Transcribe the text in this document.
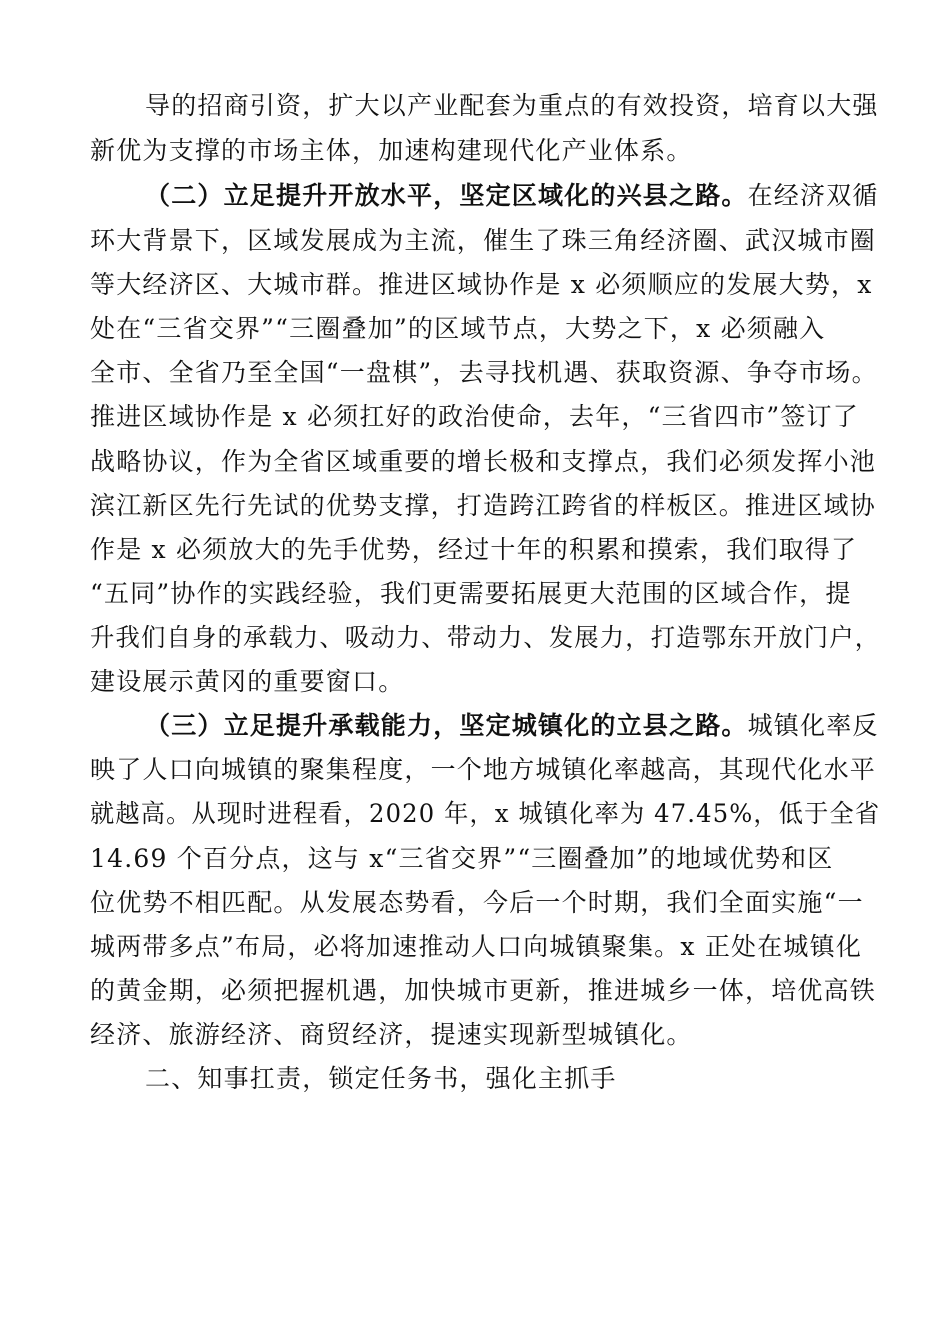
导的招商引资，扩大以产业配套为重点的有效投资，培育以大强
新优为支撑的市场主体，加速构建现代化产业体系。
（二）立足提升开放水平，坚定区域化的兴县之路。在经济双循
环大背景下，区域发展成为主流，催生了珠三角经济圈、武汉城市圈
等大经济区、大城市群。推进区域协作是 x 必须顺应的发展大势，x
处在“三省交界”“三圈叠加”的区域节点，大势之下，x 必须融入
全市、全省乃至全国“一盘棋”，去寻找机遇、获取资源、争夺市场。
推进区域协作是 x 必须扛好的政治使命，去年，“三省四市”签订了
战略协议，作为全省区域重要的增长极和支撑点，我们必须发挥小池
滨江新区先行先试的优势支撑，打造跨江跨省的样板区。推进区域协
作是 x 必须放大的先手优势，经过十年的积累和摸索，我们取得了
“五同”协作的实践经验，我们更需要拓展更大范围的区域合作，提
升我们自身的承载力、吸动力、带动力、发展力，打造鄂东开放门户，
建设展示黄冈的重要窗口。
（三）立足提升承载能力，坚定城镇化的立县之路。城镇化率反
映了人口向城镇的聚集程度，一个地方城镇化率越高，其现代化水平
就越高。从现时进程看，2020 年，x 城镇化率为 47.45%，低于全省
14.69 个百分点，这与 x“三省交界”“三圈叠加”的地域优势和区
位优势不相匹配。从发展态势看，今后一个时期，我们全面实施“一
城两带多点”布局，必将加速推动人口向城镇聚集。x 正处在城镇化
的黄金期，必须把握机遇，加快城市更新，推进城乡一体，培优高铁
经济、旅游经济、商贸经济，提速实现新型城镇化。
二、知事扛责，锁定任务书，强化主抓手
